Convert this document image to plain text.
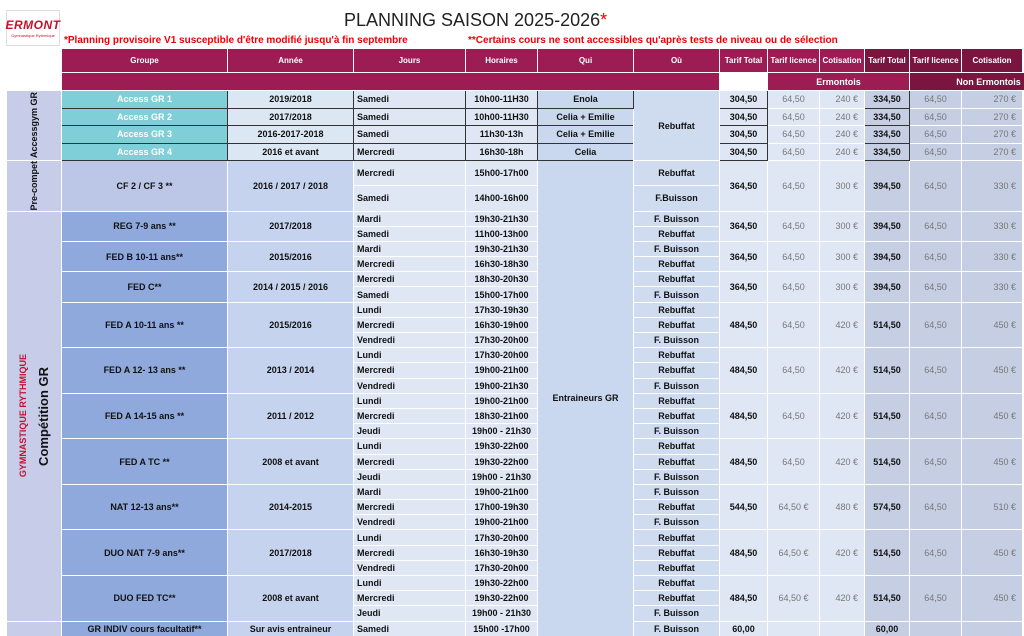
ERMONT
Gymnastique Rythmique
PLANNING SAISON 2025-2026*
*Planning provisoire V1 susceptible d'être modifié jusqu'à fin septembre	**Certains cours ne sont accessibles qu'après tests de niveau ou de sélection
	Groupe	Année	Jours	Horaires	Qui	Où	Tarif Total	Tarif licence	Cotisation	Tarif Total	Tarif licence	Cotisation
								Ermontois			Non Ermontois	

Accessgym GR	Access GR 1	2019/2018	Samedi	10h00-11H30	Enola	Rebuffat	304,50	64,50	240 €	334,50	64,50	270 €
	Access GR 2	2017/2018	Samedi	10h00-11H30	Celia + Emilie		304,50	64,50	240 €	334,50	64,50	270 €
	Access GR 3	2016-2017-2018	Samedi	11h30-13h	Celia + Emilie		304,50	64,50	240 €	334,50	64,50	270 €
	Access GR 4	2016 et avant	Mercredi	16h30-18h	Celia		304,50	64,50	240 €	334,50	64,50	270 €

Pre-compet	CF 2 / CF 3 **	2016 / 2017 / 2018	Mercredi	15h00-17h00	Entraineurs GR	Rebuffat	364,50	64,50	300 €	394,50	64,50	330 €
			Samedi	14h00-16h00		F.Buisson						

GYMNASTIQUE RYTHMIQUE Compétition GR	REG 7-9 ans **	2017/2018	Mardi	19h30-21h30		F. Buisson	364,50	64,50	300 €	394,50	64,50	330 €
			Samedi	11h00-13h00		Rebuffat						
	FED B 10-11 ans**	2015/2016	Mardi	19h30-21h30		F. Buisson	364,50	64,50	300 €	394,50	64,50	330 €
			Mercredi	16h30-18h30		Rebuffat						
	FED C**	2014 / 2015 / 2016	Mercredi	18h30-20h30		Rebuffat	364,50	64,50	300 €	394,50	64,50	330 €
			Samedi	15h00-17h00		F. Buisson						
	FED A 10-11 ans **	2015/2016	Lundi	17h30-19h30		Rebuffat	484,50	64,50	420 €	514,50	64,50	450 €
			Mercredi	16h30-19h00		Rebuffat						
			Vendredi	17h30-20h00		F. Buisson						
	FED A 12- 13 ans **	2013 / 2014	Lundi	17h30-20h00		Rebuffat	484,50	64,50	420 €	514,50	64,50	450 €
			Mercredi	19h00-21h00		Rebuffat						
			Vendredi	19h00-21h30		F. Buisson						
	FED A 14-15 ans **	2011 / 2012	Lundi	19h00-21h00		Rebuffat	484,50	64,50	420 €	514,50	64,50	450 €
			Mercredi	18h30-21h00		Rebuffat						
			Jeudi	19h00 - 21h30		F. Buisson						
	FED A TC **	2008 et avant	Lundi	19h30-22h00		Rebuffat	484,50	64,50	420 €	514,50	64,50	450 €
			Mercredi	19h30-22h00		Rebuffat						
			Jeudi	19h00 - 21h30		F. Buisson						
	NAT 12-13 ans**	2014-2015	Mardi	19h00-21h00		F. Buisson	544,50	64,50 €	480 €	574,50	64,50	510 €
			Mercredi	17h00-19h30		Rebuffat						
			Vendredi	19h00-21h00		F. Buisson						
	DUO NAT 7-9 ans**	2017/2018	Lundi	17h30-20h00		Rebuffat	484,50	64,50 €	420 €	514,50	64,50	450 €
			Mercredi	16h30-19h30		Rebuffat						
			Vendredi	17h30-20h00		Rebuffat						
	DUO FED TC**	2008 et avant	Lundi	19h30-22h00		Rebuffat	484,50	64,50 €	420 €	514,50	64,50	450 €
			Mercredi	19h30-22h00		Rebuffat						
			Jeudi	19h00 - 21h30		F. Buisson						
	GR INDIV cours facultatif**	Sur avis entraineur	Samedi	15h00 -17h00		F. Buisson	60,00			60,00		
